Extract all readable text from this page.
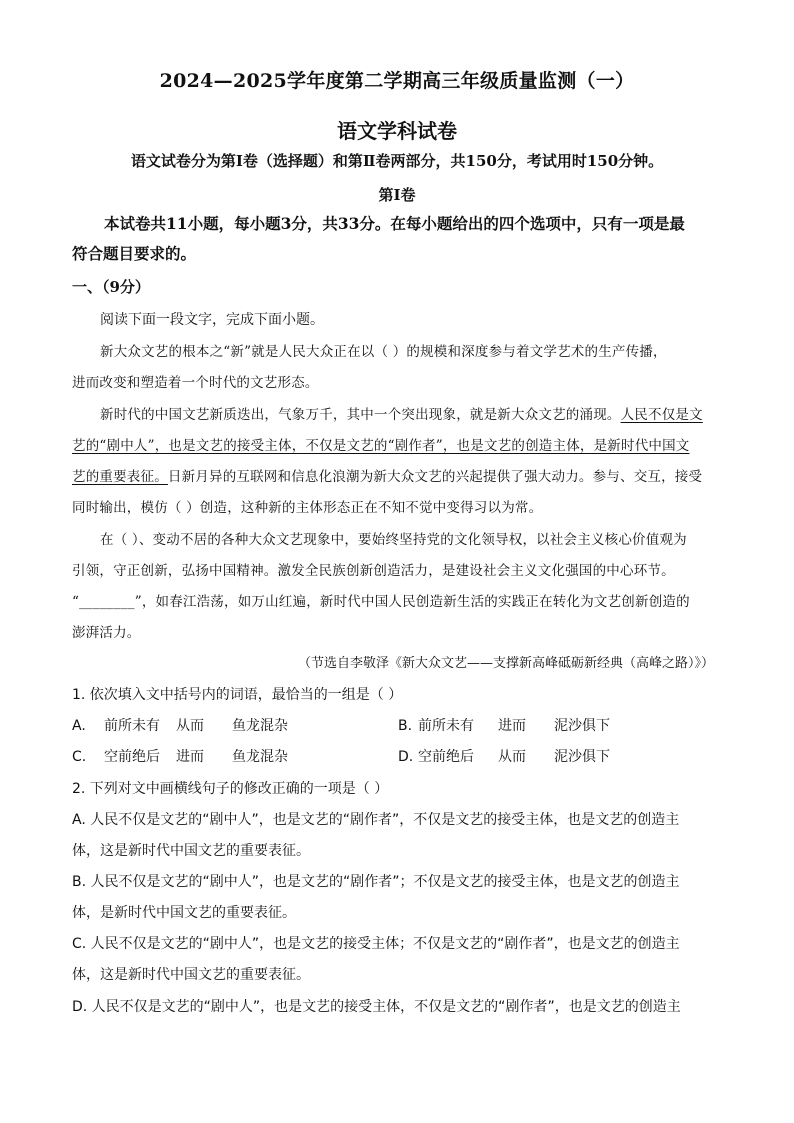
2024—2025学年度第二学期高三年级质量监测（一）
语文学科试卷
语文试卷分为第Ⅰ卷（选择题）和第Ⅱ卷两部分，共150分，考试用时150分钟。
第Ⅰ卷
本试卷共11小题，每小题3分，共33分。在每小题给出的四个选项中，只有一项是最
符合题目要求的。
一、（9分）
阅读下面一段文字，完成下面小题。
新大众文艺的根本之“新”就是人民大众正在以（ ）的规模和深度参与着文学艺术的生产传播，
进而改变和塑造着一个时代的文艺形态。
新时代的中国文艺新质迭出，气象万千，其中一个突出现象，就是新大众文艺的涌现。人民不仅是文
艺的“剧中人”，也是文艺的接受主体，不仅是文艺的“剧作者”，也是文艺的创造主体，是新时代中国文
艺的重要表征。日新月异的互联网和信息化浪潮为新大众文艺的兴起提供了强大动力。参与、交互，接受
同时输出，模仿（ ）创造，这种新的主体形态正在不知不觉中变得习以为常。
在（ ）、变动不居的各种大众文艺现象中，要始终坚持党的文化领导权，以社会主义核心价值观为
引领，守正创新，弘扬中国精神。激发全民族创新创造活力，是建设社会主义文化强国的中心环节。
“________”，如春江浩荡，如万山红遍，新时代中国人民创造新生活的实践正在转化为文艺创新创造的
澎湃活力。
（节选自李敬泽《新大众文艺——支撑新高峰砥砺新经典（高峰之路）》）
1. 依次填入文中括号内的词语，最恰当的一组是（ ）
A. 前所未有 从而 鱼龙混杂	B. 前所未有 进而 泥沙俱下
C. 空前绝后 进而 鱼龙混杂	D. 空前绝后 从而 泥沙俱下
2. 下列对文中画横线句子的修改正确的一项是（ ）
A. 人民不仅是文艺的“剧中人”，也是文艺的“剧作者”，不仅是文艺的接受主体，也是文艺的创造主
体，这是新时代中国文艺的重要表征。
B. 人民不仅是文艺的“剧中人”，也是文艺的“剧作者”；不仅是文艺的接受主体，也是文艺的创造主
体，是新时代中国文艺的重要表征。
C. 人民不仅是文艺的“剧中人”，也是文艺的接受主体；不仅是文艺的“剧作者”，也是文艺的创造主
体，这是新时代中国文艺的重要表征。
D. 人民不仅是文艺的“剧中人”，也是文艺的接受主体，不仅是文艺的“剧作者”，也是文艺的创造主
